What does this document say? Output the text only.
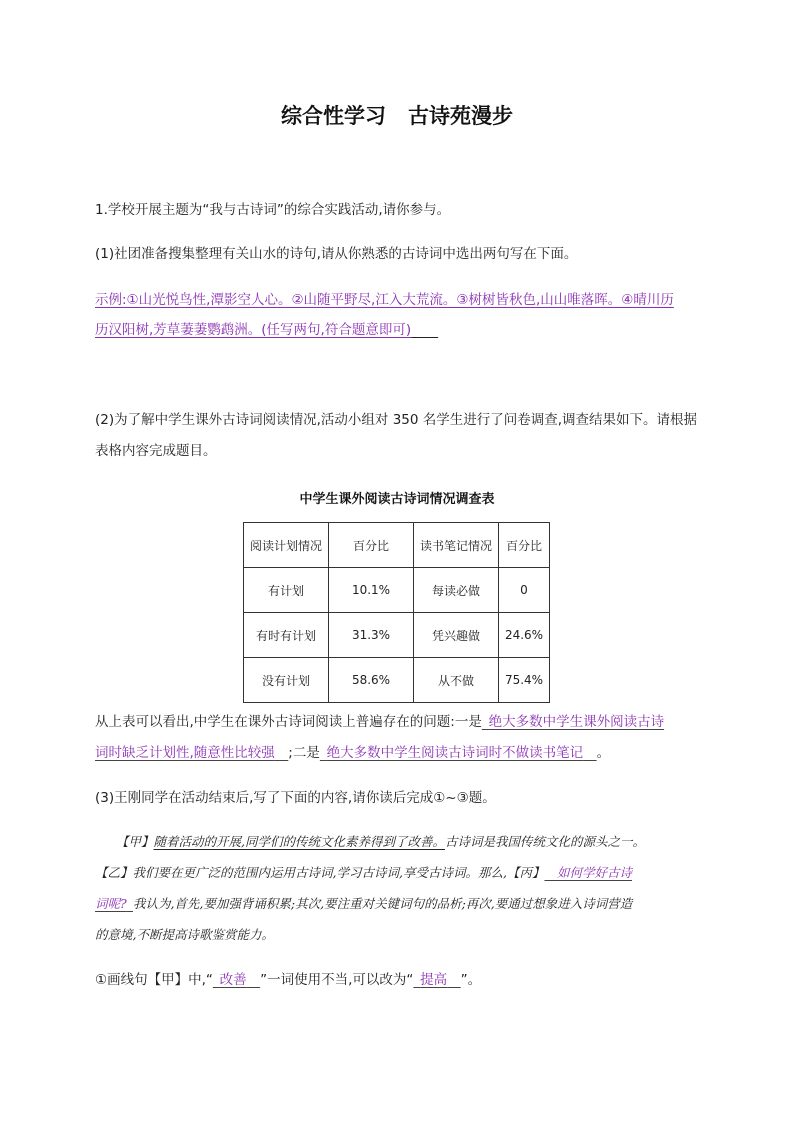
综合性学习 古诗苑漫步
1.学校开展主题为“我与古诗词”的综合实践活动,请你参与。
(1)社团准备搜集整理有关山水的诗句,请从你熟悉的古诗词中选出两句写在下面。
示例:①山光悦鸟性,潭影空人心。②山随平野尽,江入大荒流。③树树皆秋色,山山唯落晖。④晴川历
历汉阳树,芳草萋萋鹦鹉洲。(任写两句,符合题意即可)  
(2)为了解中学生课外古诗词阅读情况,活动小组对 350 名学生进行了问卷调查,调查结果如下。请根据
表格内容完成题目。
中学生课外阅读古诗词情况调查表
阅读计划情况	百分比	读书笔记情况	百分比
有计划	10.1%	每读必做	0
有时有计划	31.3%	凭兴趣做	24.6%
没有计划	58.6%	从不做	75.4%
从上表可以看出,中学生在课外古诗词阅读上普遍存在的问题:一是  绝大多数中学生课外阅读古诗
词时缺乏计划性,随意性比较强  ;二是  绝大多数中学生阅读古诗词时不做读书笔记  。
(3)王刚同学在活动结束后,写了下面的内容,请你读后完成①~③题。
【甲】随着活动的开展,同学们的传统文化素养得到了改善。古诗词是我国传统文化的源头之一。
【乙】我们要在更广泛的范围内运用古诗词,学习古诗词,享受古诗词。那么,【丙】  如何学好古诗
词呢?  我认为,首先,要加强背诵积累;其次,要注重对关键词句的品析;再次,要通过想象进入诗词营造
的意境,不断提高诗歌鉴赏能力。
①画线句【甲】中,“  改善  ”一词使用不当,可以改为“  提高  ”。
